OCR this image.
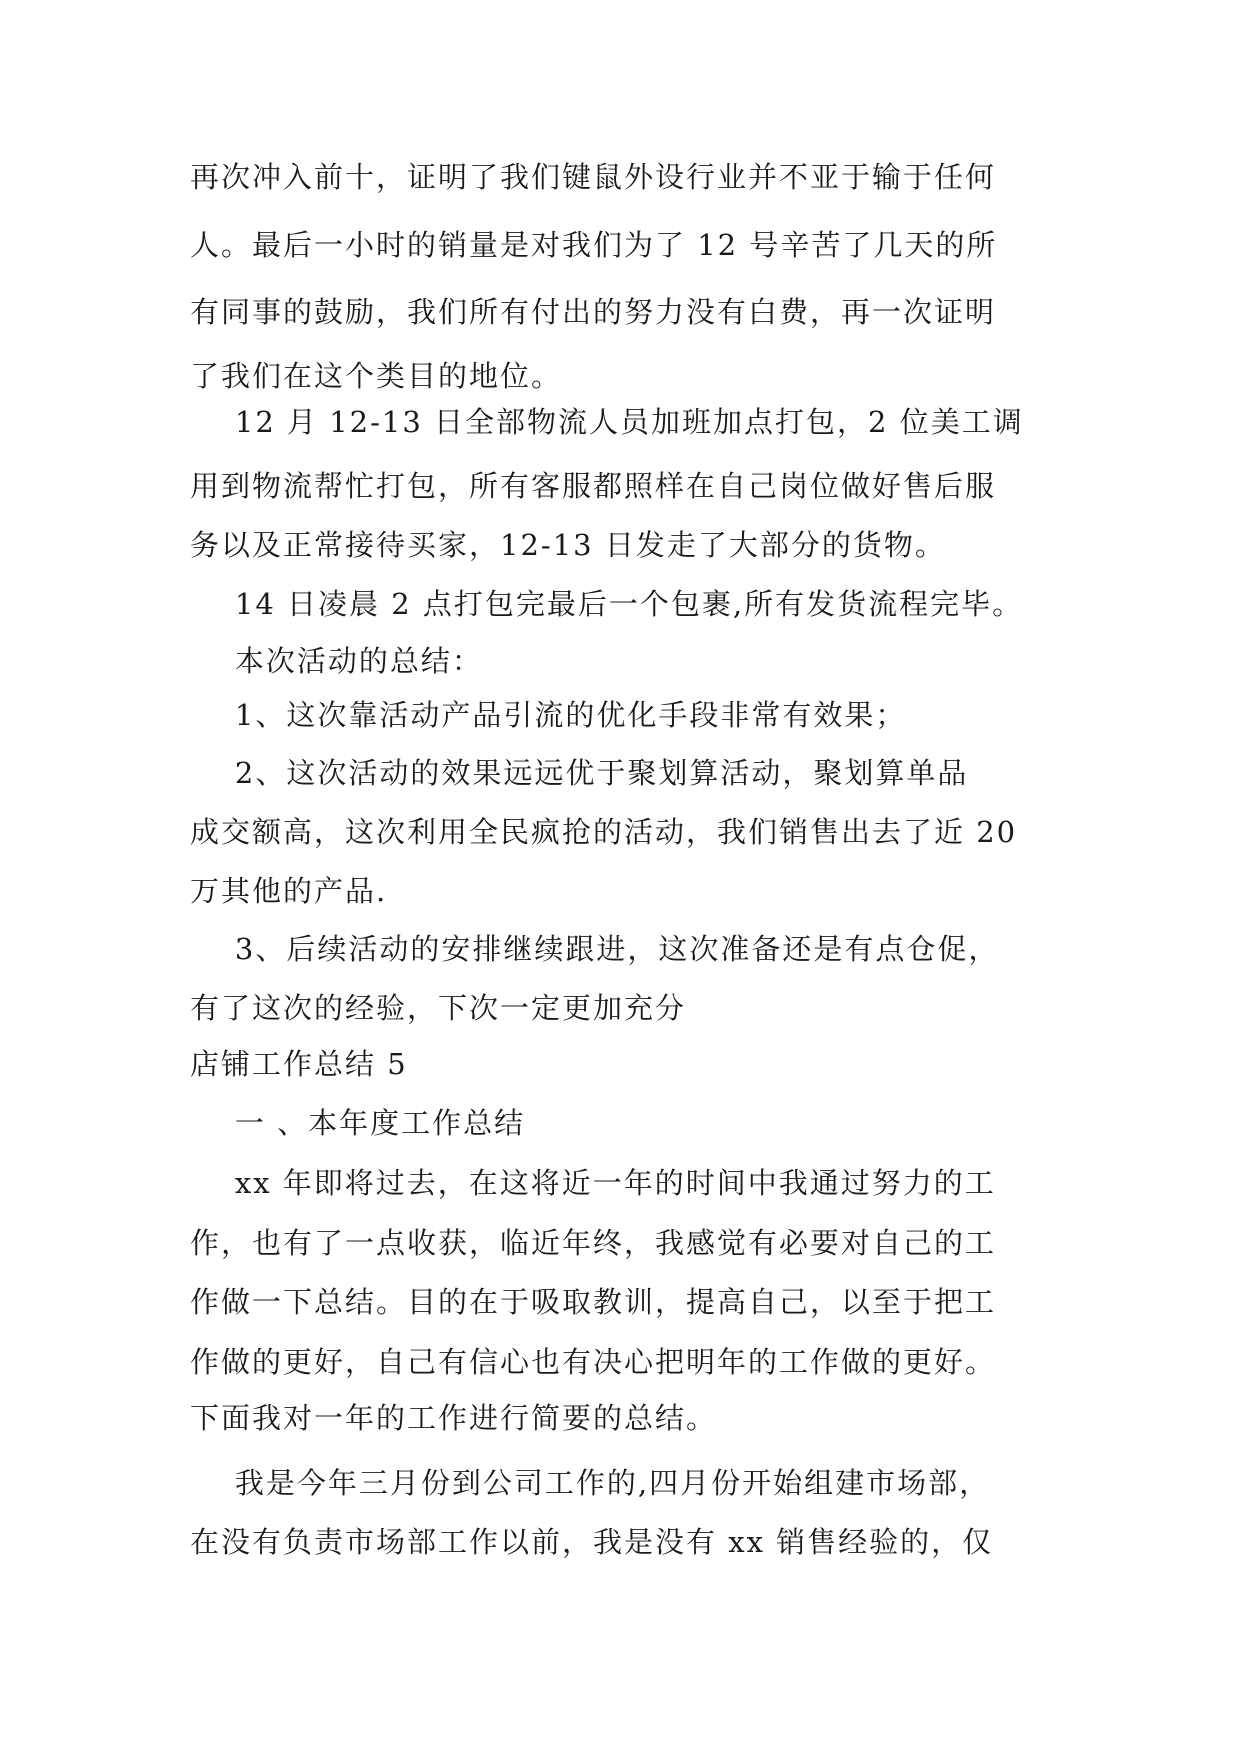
再次冲入前十，证明了我们键鼠外设行业并不亚于输于任何
人。最后一小时的销量是对我们为了 12 号辛苦了几天的所
有同事的鼓励，我们所有付出的努力没有白费，再一次证明
了我们在这个类目的地位。
12 月 12-13 日全部物流人员加班加点打包，2 位美工调
用到物流帮忙打包，所有客服都照样在自己岗位做好售后服
务以及正常接待买家，12-13 日发走了大部分的货物。
14 日凌晨 2 点打包完最后一个包裹,所有发货流程完毕。
本次活动的总结：
1、这次靠活动产品引流的优化手段非常有效果；
2、这次活动的效果远远优于聚划算活动，聚划算单品
成交额高，这次利用全民疯抢的活动，我们销售出去了近 20
万其他的产品.
3、后续活动的安排继续跟进，这次准备还是有点仓促，
有了这次的经验，下次一定更加充分
店铺工作总结 5
一 、本年度工作总结
xx 年即将过去，在这将近一年的时间中我通过努力的工
作，也有了一点收获，临近年终，我感觉有必要对自己的工
作做一下总结。目的在于吸取教训，提高自己，以至于把工
作做的更好，自己有信心也有决心把明年的工作做的更好。
下面我对一年的工作进行简要的总结。
我是今年三月份到公司工作的,四月份开始组建市场部，
在没有负责市场部工作以前，我是没有 xx 销售经验的，仅
